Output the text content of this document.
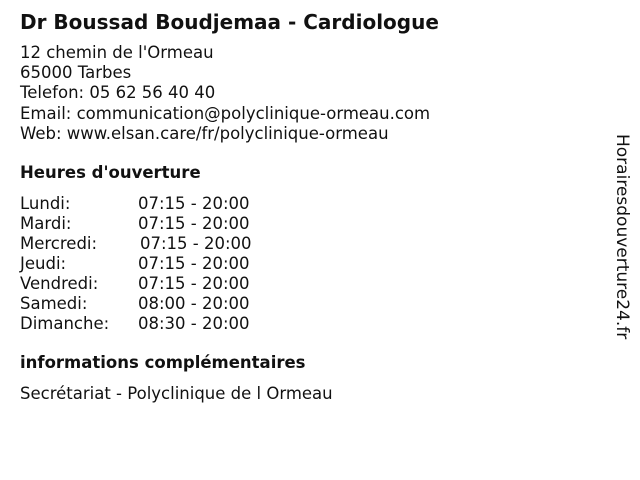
Dr Boussad Boudjemaa - Cardiologue
12 chemin de l'Ormeau
65000 Tarbes
Telefon: 05 62 56 40 40
Email: communication@polyclinique-ormeau.com
Web: www.elsan.care/fr/polyclinique-ormeau
Heures d'ouverture
Lundi:	07:15 - 20:00
Mardi:	07:15 - 20:00
Mercredi:	07:15 - 20:00
Jeudi:	07:15 - 20:00
Vendredi: 07:15 - 20:00
Samedi:	08:00 - 20:00
Dimanche: 08:30 - 20:00
informations complémentaires
Secrétariat - Polyclinique de l Ormeau
Horairesdouverture24.fr
